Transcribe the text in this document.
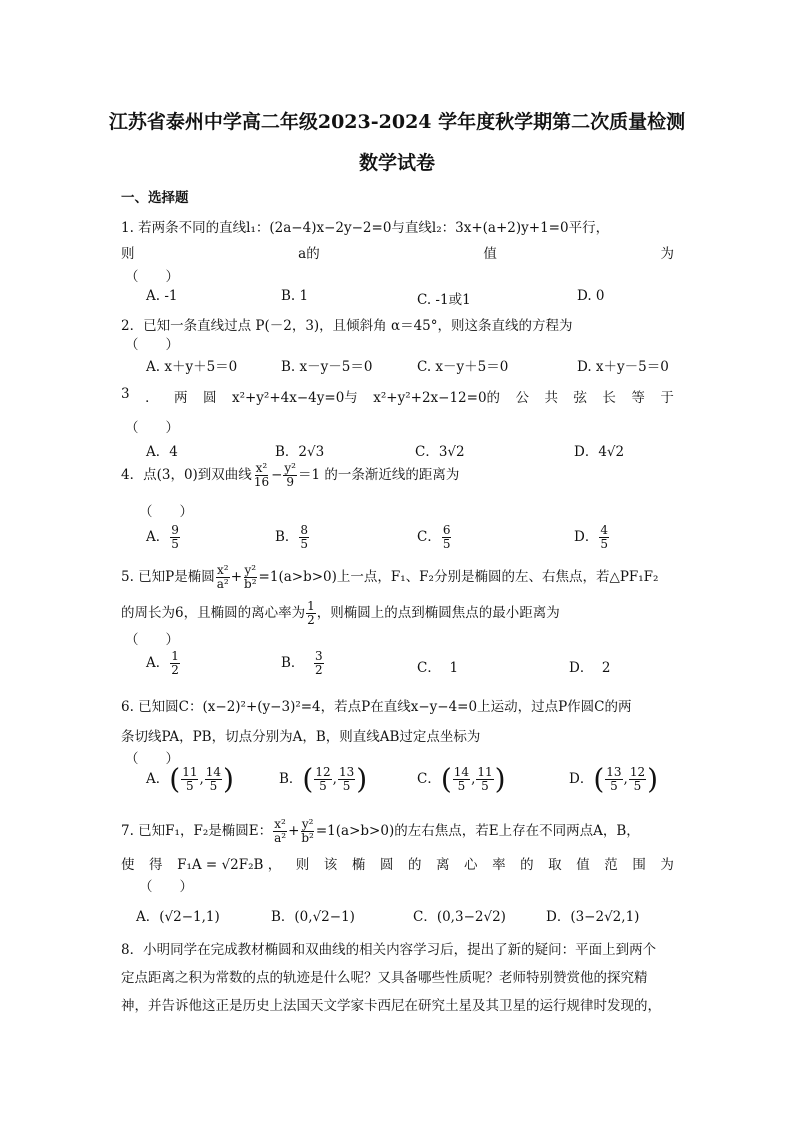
江苏省泰州中学高二年级2023-2024 学年度秋学期第二次质量检测
数学试卷
一、选择题
1. 若两条不同的直线l₁：(2a−4)x−2y−2=0与直线l₂：3x+(a+2)y+1=0平行，
则	a的	值	为
（　　）
A. -1	B. 1	C. -1或1	D. 0
2．已知一条直线过点 P(－2，3)，且倾斜角 α＝45°，则这条直线的方程为
（　　）
A. x＋y＋5＝0	B. x－y－5＝0	C. x－y＋5＝0	D. x＋y－5＝0
3 ． 两 圆 x²+y²+4x−4y=0与 x²+y²+2x−12=0的 公 共 弦 长 等 于
（　　）
A．4	B．2√3	C．3√2	D．4√2
4．点(3，0)到双曲线 $\frac{\text{x²}}{16} - \frac{\text{y²}}{9} =1$ 的一条渐近线的距离为
（　　）
A． $\frac{9}{5}$	B． $\frac{8}{5}$	C． $\frac{6}{5}$	D． $\frac{4}{5}$
5. 已知P是椭圆 $\frac{\text{x²}}{\text{a²}} + \frac{\text{y²}}{\text{b²}} =1(a>b>0)$上一点，F₁、F₂分别是椭圆的左、右焦点，若△PF₁F₂
的周长为6，且椭圆的离心率为 $\frac{1}{2}$ ，则椭圆上的点到椭圆焦点的最小距离为
（　　）
A． $\frac{1}{2}$	B． $\frac{3}{2}$	C． 1	D． 2
6. 已知圆C：(x−2)²+(y−3)²=4，若点P在直线x−y−4=0上运动，过点P作圆C的两
条切线PA，PB，切点分别为A，B，则直线AB过定点坐标为
（　　）
A．( $\frac{11}{5}$ , $\frac{14}{5}$ )	B．( $\frac{12}{5}$ , $\frac{13}{5}$ )	C．( $\frac{14}{5}$ , $\frac{11}{5}$ )	D．( $\frac{13}{5}$ , $\frac{12}{5}$ )
7. 已知F₁，F₂是椭圆E： $\frac{\text{x²}}{\text{a²}} + \frac{\text{y²}}{\text{b²}} =1(a>b>0)$的左右焦点，若E上存在不同两点A，B，
使 得 F₁A = √2F₂B ， 则 该 椭 圆 的 离 心 率 的 取 值 范 围 为
（　　）
A．(√2−1,1)	B．(0,√2−1)	C．(0,3−2√2)	D．(3−2√2,1)
8．小明同学在完成教材椭圆和双曲线的相关内容学习后，提出了新的疑问：平面上到两个
定点距离之积为常数的点的轨迹是什么呢？又具备哪些性质呢？老师特别赞赏他的探究精
神，并告诉他这正是历史上法国天文学家卡西尼在研究土星及其卫星的运行规律时发现的，
